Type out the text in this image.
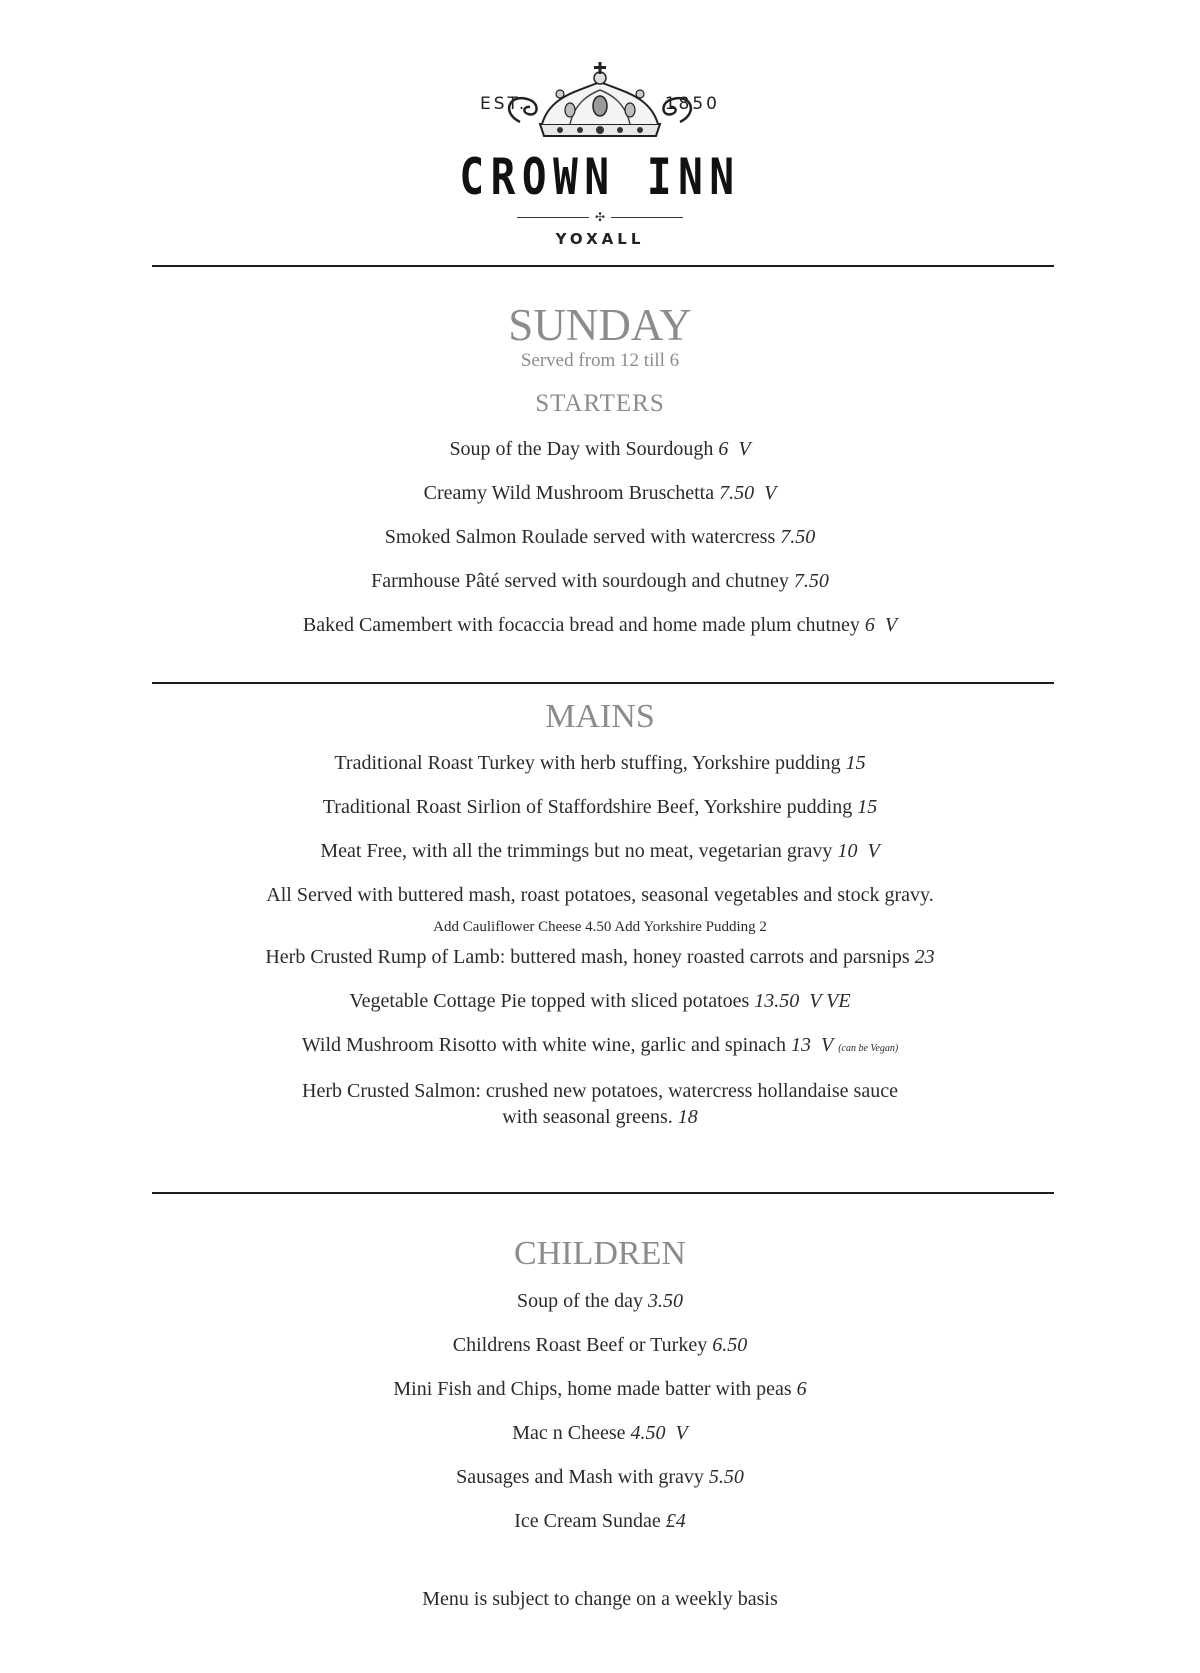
EST.	1850
CROWN INN
✣
YOXALL
SUNDAY
Served from 12 till 6
STARTERS
Soup of the Day with Sourdough 6 V
Creamy Wild Mushroom Bruschetta 7.50 V
Smoked Salmon Roulade served with watercress 7.50
Farmhouse Pâté served with sourdough and chutney 7.50
Baked Camembert with focaccia bread and home made plum chutney 6 V
MAINS
Traditional Roast Turkey with herb stuffing, Yorkshire pudding 15
Traditional Roast Sirlion of Staffordshire Beef, Yorkshire pudding 15
Meat Free, with all the trimmings but no meat, vegetarian gravy 10 V
All Served with buttered mash, roast potatoes, seasonal vegetables and stock gravy.
Add Cauliflower Cheese 4.50 Add Yorkshire Pudding 2
Herb Crusted Rump of Lamb: buttered mash, honey roasted carrots and parsnips 23
Vegetable Cottage Pie topped with sliced potatoes 13.50 V VE
Wild Mushroom Risotto with white wine, garlic and spinach 13 V (can be Vegan)
Herb Crusted Salmon: crushed new potatoes, watercress hollandaise sauce
with seasonal greens. 18
CHILDREN
Soup of the day 3.50
Childrens Roast Beef or Turkey 6.50
Mini Fish and Chips, home made batter with peas 6
Mac n Cheese 4.50 V
Sausages and Mash with gravy 5.50
Ice Cream Sundae £4
Menu is subject to change on a weekly basis
